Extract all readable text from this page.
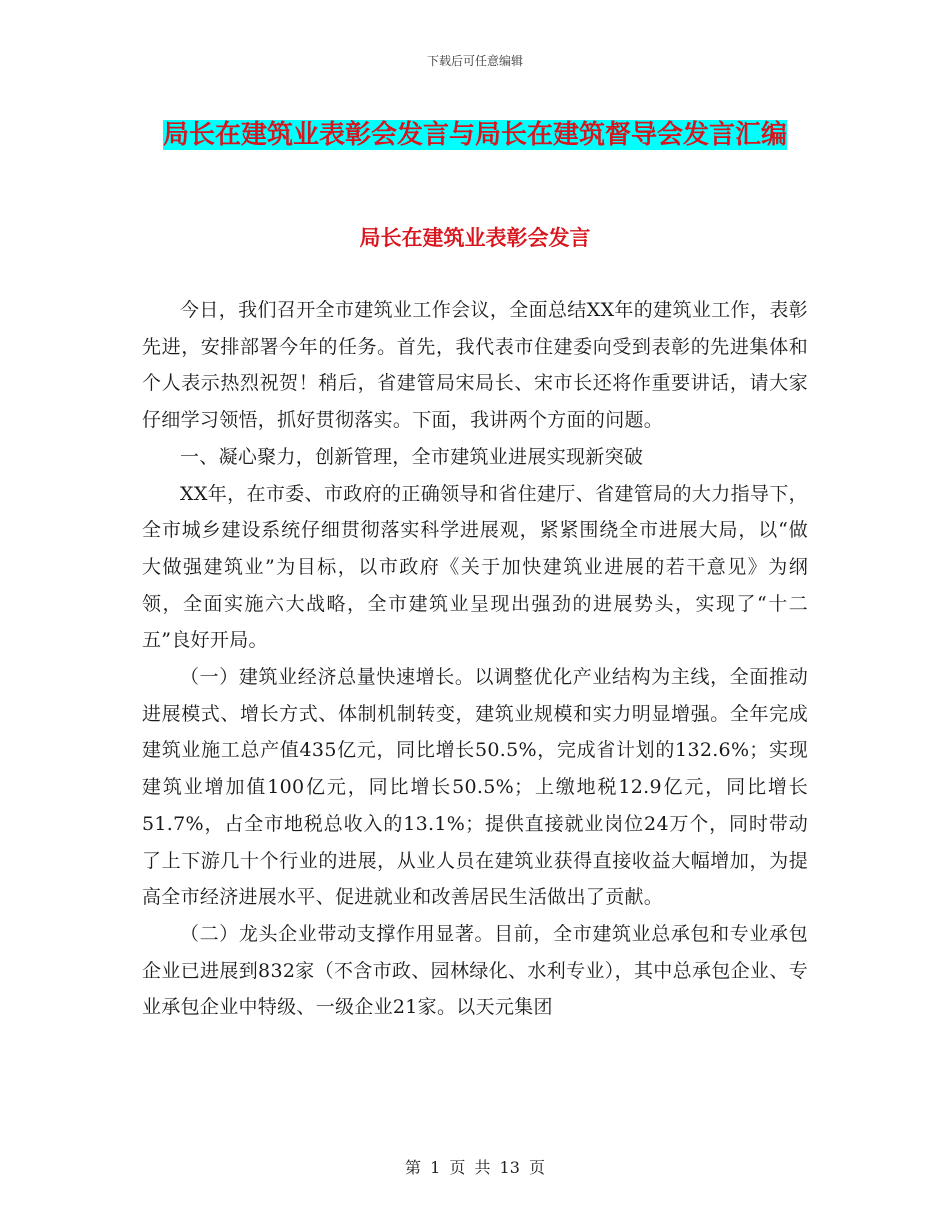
下载后可任意编辑
局长在建筑业表彰会发言与局长在建筑督导会发言汇编
局长在建筑业表彰会发言

今日，我们召开全市建筑业工作会议，全面总结XX年的建筑业工作，表彰先进，安排部署今年的任务。首先，我代表市住建委向受到表彰的先进集体和个人表示热烈祝贺！稍后，省建管局宋局长、宋市长还将作重要讲话，请大家仔细学习领悟，抓好贯彻落实。下面，我讲两个方面的问题。

一、凝心聚力，创新管理，全市建筑业进展实现新突破

XX年，在市委、市政府的正确领导和省住建厅、省建管局的大力指导下，全市城乡建设系统仔细贯彻落实科学进展观，紧紧围绕全市进展大局，以“做大做强建筑业”为目标，以市政府《关于加快建筑业进展的若干意见》为纲领，全面实施六大战略，全市建筑业呈现出强劲的进展势头，实现了“十二五”良好开局。

（一）建筑业经济总量快速增长。以调整优化产业结构为主线，全面推动进展模式、增长方式、体制机制转变，建筑业规模和实力明显增强。全年完成建筑业施工总产值435亿元，同比增长50.5%，完成省计划的132.6%；实现建筑业增加值100亿元，同比增长50.5%；上缴地税12.9亿元，同比增长51.7%，占全市地税总收入的13.1%；提供直接就业岗位24万个，同时带动了上下游几十个行业的进展，从业人员在建筑业获得直接收益大幅增加，为提高全市经济进展水平、促进就业和改善居民生活做出了贡献。

（二）龙头企业带动支撑作用显著。目前，全市建筑业总承包和专业承包企业已进展到832家（不含市政、园林绿化、水利专业），其中总承包企业、专业承包企业中特级、一级企业21家。以天元集团

第 1 页 共 13 页
